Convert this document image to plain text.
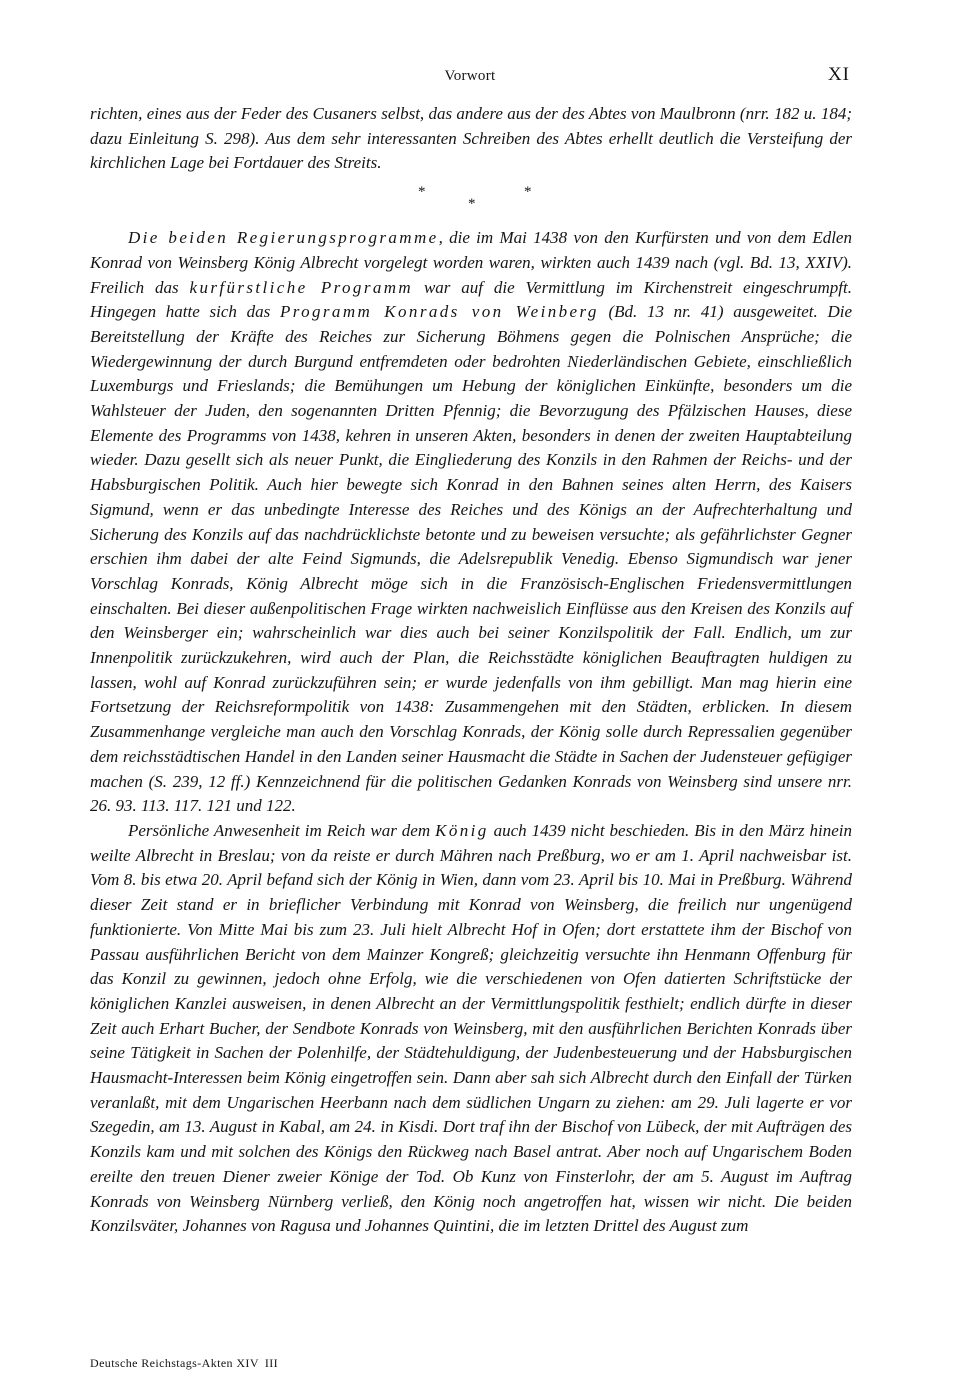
Vorwort	XI

richten, eines aus der Feder des Cusaners selbst, das andere aus der des Abtes von Maulbronn (nrr. 182 u. 184; dazu Einleitung S. 298). Aus dem sehr interessanten Schreiben des Abtes erhellt deutlich die Versteifung der kirchlichen Lage bei Fortdauer des Streits.

*
*
*

Die beiden Regierungsprogramme, die im Mai 1438 von den Kurfürsten und von dem Edlen Konrad von Weinsberg König Albrecht vorgelegt worden waren, wirkten auch 1439 nach (vgl. Bd. 13, XXIV). Freilich das kurfürstliche Programm war auf die Vermittlung im Kirchenstreit eingeschrumpft. Hingegen hatte sich das Programm Konrads von Weinberg (Bd. 13 nr. 41) ausgeweitet. Die Bereitstellung der Kräfte des Reiches zur Sicherung Böhmens gegen die Polnischen Ansprüche; die Wiedergewinnung der durch Burgund entfremdeten oder bedrohten Niederländischen Gebiete, einschließlich Luxemburgs und Frieslands; die Bemühungen um Hebung der königlichen Einkünfte, besonders um die Wahlsteuer der Juden, den sogenannten Dritten Pfennig; die Bevorzugung des Pfälzischen Hauses, diese Elemente des Programms von 1438, kehren in unseren Akten, besonders in denen der zweiten Hauptabteilung wieder. Dazu gesellt sich als neuer Punkt, die Eingliederung des Konzils in den Rahmen der Reichs- und der Habsburgischen Politik. Auch hier bewegte sich Konrad in den Bahnen seines alten Herrn, des Kaisers Sigmund, wenn er das unbedingte Interesse des Reiches und des Königs an der Aufrechterhaltung und Sicherung des Konzils auf das nachdrücklichste betonte und zu beweisen versuchte; als gefährlichster Gegner erschien ihm dabei der alte Feind Sigmunds, die Adelsrepublik Venedig. Ebenso Sigmundisch war jener Vorschlag Konrads, König Albrecht möge sich in die Französisch-Englischen Friedensvermittlungen einschalten. Bei dieser außenpolitischen Frage wirkten nachweislich Einflüsse aus den Kreisen des Konzils auf den Weinsberger ein; wahrscheinlich war dies auch bei seiner Konzilspolitik der Fall. Endlich, um zur Innenpolitik zurückzukehren, wird auch der Plan, die Reichsstädte königlichen Beauftragten huldigen zu lassen, wohl auf Konrad zurückzuführen sein; er wurde jedenfalls von ihm gebilligt. Man mag hierin eine Fortsetzung der Reichsreformpolitik von 1438: Zusammengehen mit den Städten, erblicken. In diesem Zusammenhange vergleiche man auch den Vorschlag Konrads, der König solle durch Repressalien gegenüber dem reichsstädtischen Handel in den Landen seiner Hausmacht die Städte in Sachen der Judensteuer gefügiger machen (S. 239, 12 ff.) Kennzeichnend für die politischen Gedanken Konrads von Weinsberg sind unsere nrr. 26. 93. 113. 117. 121 und 122.

Persönliche Anwesenheit im Reich war dem König auch 1439 nicht beschieden. Bis in den März hinein weilte Albrecht in Breslau; von da reiste er durch Mähren nach Preßburg, wo er am 1. April nachweisbar ist. Vom 8. bis etwa 20. April befand sich der König in Wien, dann vom 23. April bis 10. Mai in Preßburg. Während dieser Zeit stand er in brieflicher Verbindung mit Konrad von Weinsberg, die freilich nur ungenügend funktionierte. Von Mitte Mai bis zum 23. Juli hielt Albrecht Hof in Ofen; dort erstattete ihm der Bischof von Passau ausführlichen Bericht von dem Mainzer Kongreß; gleichzeitig versuchte ihn Henmann Offenburg für das Konzil zu gewinnen, jedoch ohne Erfolg, wie die verschiedenen von Ofen datierten Schriftstücke der königlichen Kanzlei ausweisen, in denen Albrecht an der Vermittlungspolitik festhielt; endlich dürfte in dieser Zeit auch Erhart Bucher, der Sendbote Konrads von Weinsberg, mit den ausführlichen Berichten Konrads über seine Tätigkeit in Sachen der Polenhilfe, der Städtehuldigung, der Judenbesteuerung und der Habsburgischen Hausmacht-Interessen beim König eingetroffen sein. Dann aber sah sich Albrecht durch den Einfall der Türken veranlaßt, mit dem Ungarischen Heerbann nach dem südlichen Ungarn zu ziehen: am 29. Juli lagerte er vor Szegedin, am 13. August in Kabal, am 24. in Kisdi. Dort traf ihn der Bischof von Lübeck, der mit Aufträgen des Konzils kam und mit solchen des Königs den Rückweg nach Basel antrat. Aber noch auf Ungarischem Boden ereilte den treuen Diener zweier Könige der Tod. Ob Kunz von Finsterlohr, der am 5. August im Auftrag Konrads von Weinsberg Nürnberg verließ, den König noch angetroffen hat, wissen wir nicht. Die beiden Konzilsväter, Johannes von Ragusa und Johannes Quintini, die im letzten Drittel des August zum

Deutsche Reichstags-Akten XIV III
